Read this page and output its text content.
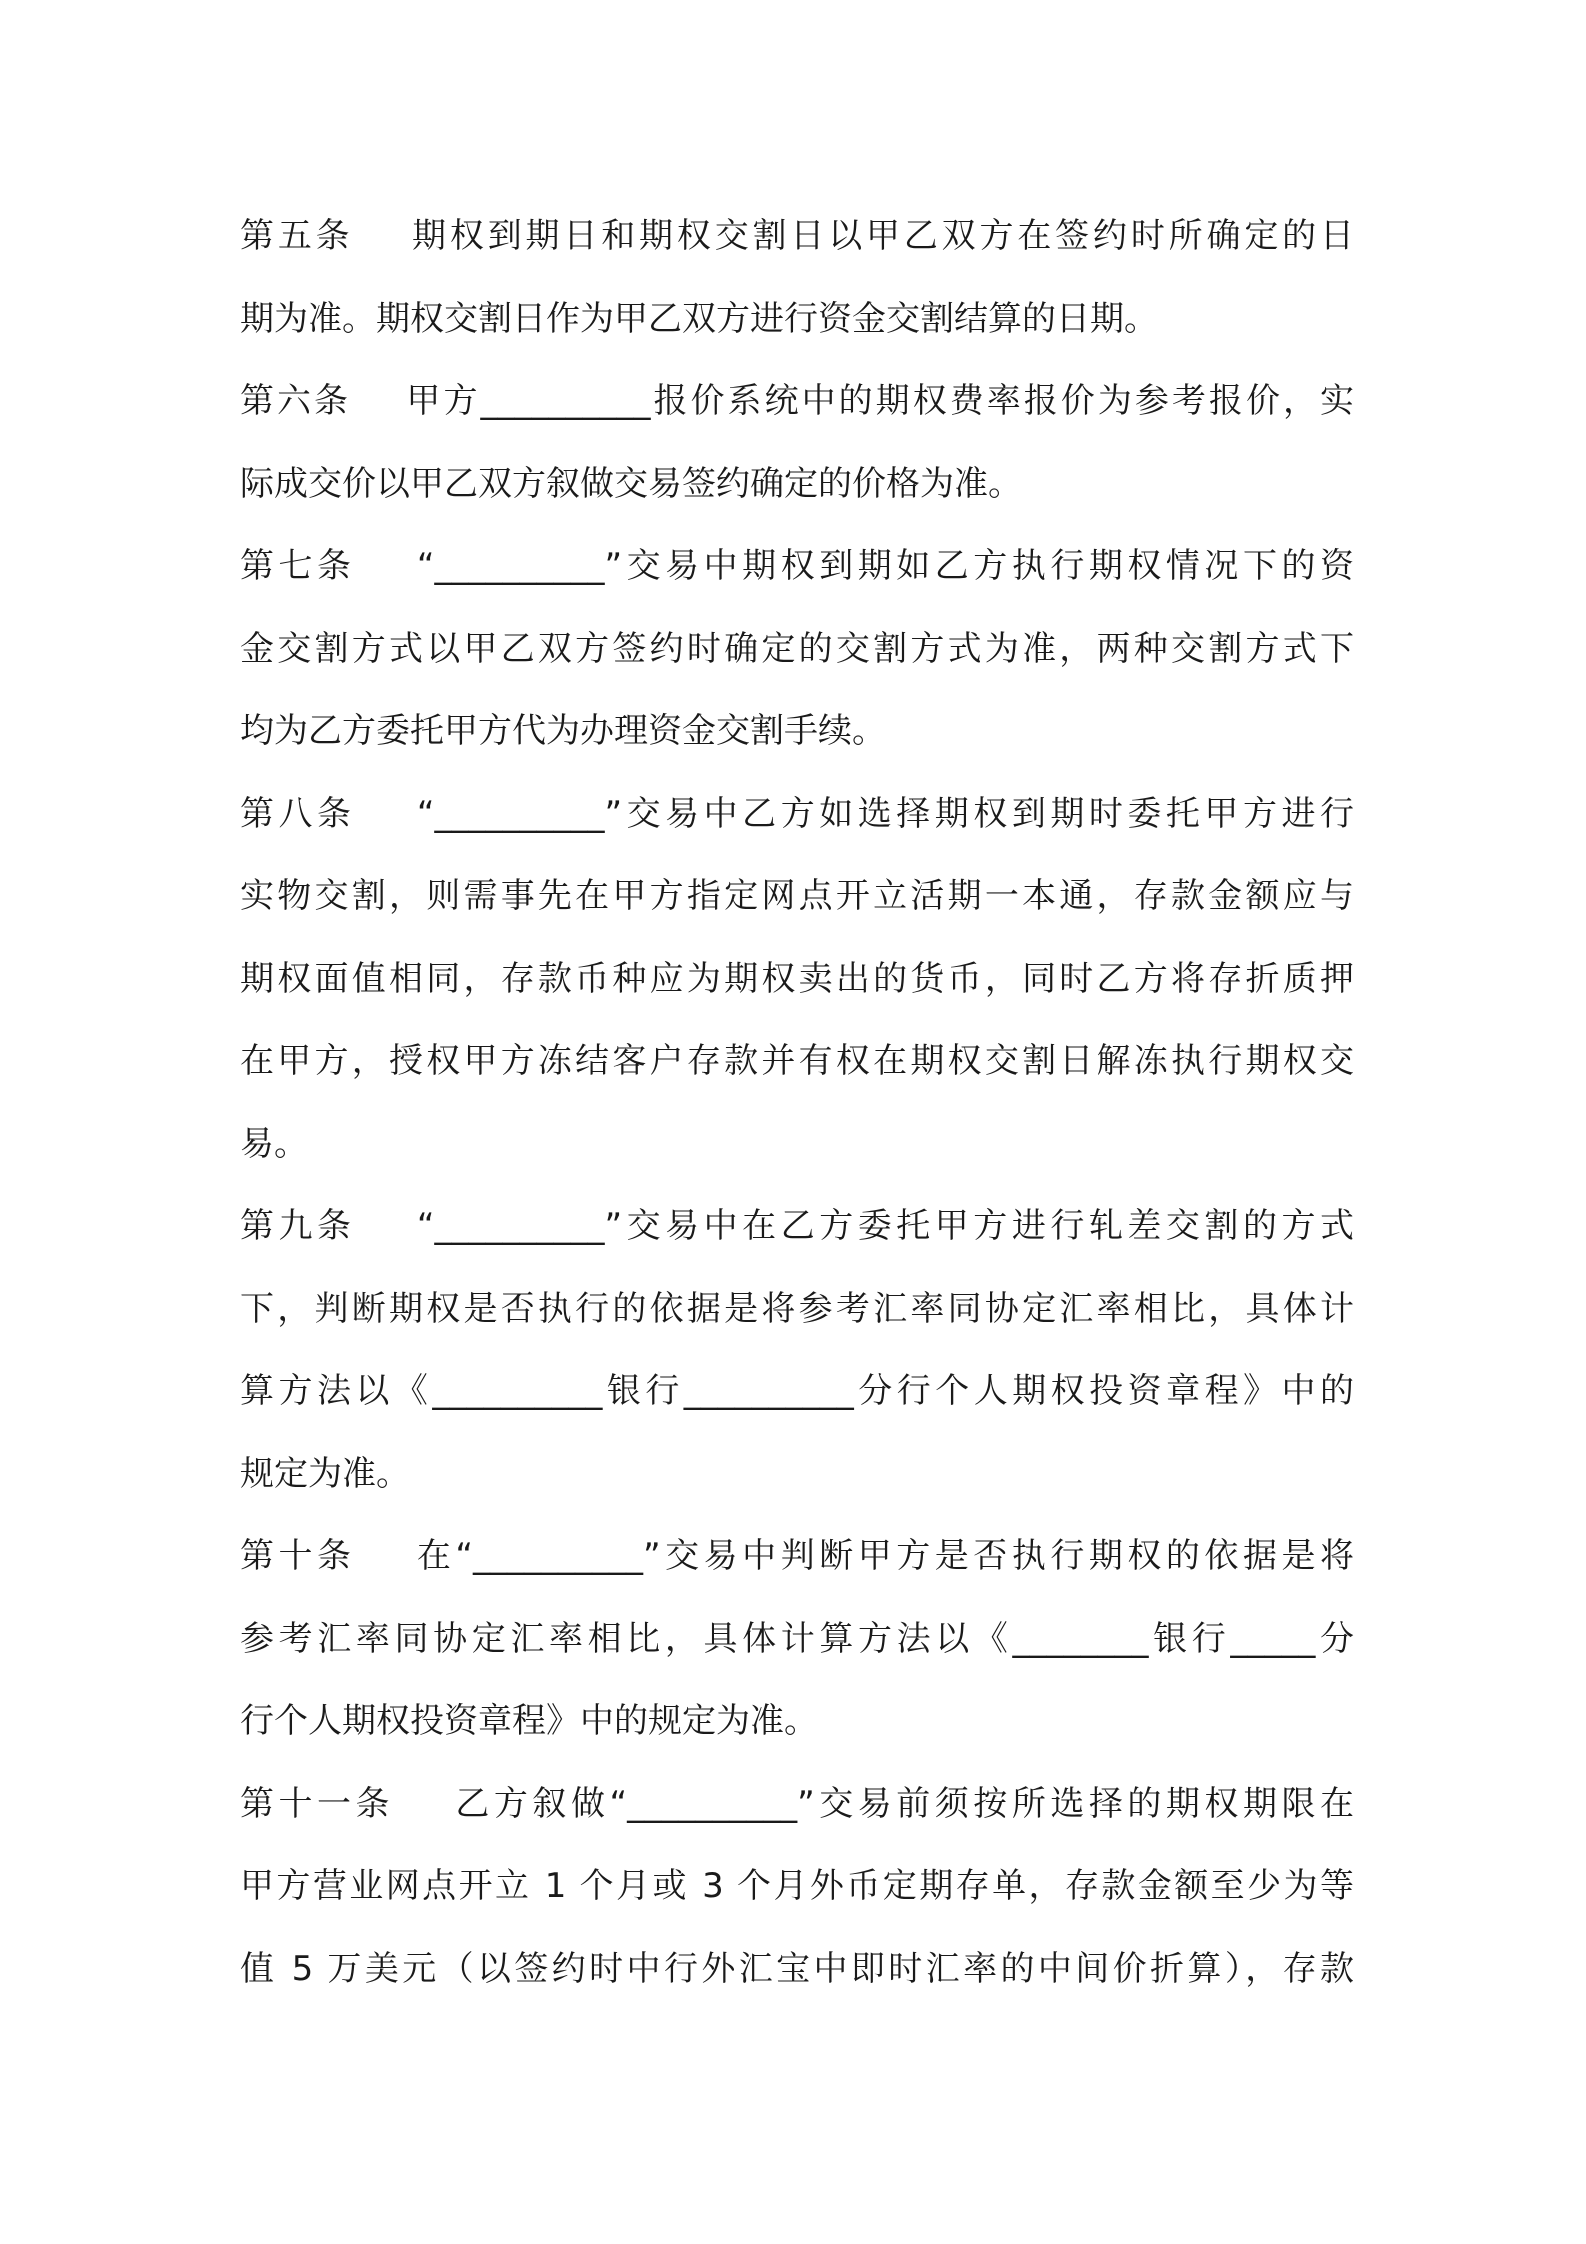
第五条    期权到期日和期权交割日以甲乙双方在签约时所确定的日
期为准。期权交割日作为甲乙双方进行资金交割结算的日期。
第六条    甲方__________报价系统中的期权费率报价为参考报价，实
际成交价以甲乙双方叙做交易签约确定的价格为准。
第七条    “__________”交易中期权到期如乙方执行期权情况下的资
金交割方式以甲乙双方签约时确定的交割方式为准，两种交割方式下
均为乙方委托甲方代为办理资金交割手续。
第八条    “__________”交易中乙方如选择期权到期时委托甲方进行
实物交割，则需事先在甲方指定网点开立活期一本通，存款金额应与
期权面值相同，存款币种应为期权卖出的货币，同时乙方将存折质押
在甲方，授权甲方冻结客户存款并有权在期权交割日解冻执行期权交
易。
第九条    “__________”交易中在乙方委托甲方进行轧差交割的方式
下，判断期权是否执行的依据是将参考汇率同协定汇率相比，具体计
算方法以《__________银行__________分行个人期权投资章程》中的
规定为准。
第十条    在“__________”交易中判断甲方是否执行期权的依据是将
参考汇率同协定汇率相比，具体计算方法以《________银行_____分
行个人期权投资章程》中的规定为准。
第十一条    乙方叙做“__________”交易前须按所选择的期权期限在
甲方营业网点开立 1 个月或 3 个月外币定期存单，存款金额至少为等
值 5 万美元（以签约时中行外汇宝中即时汇率的中间价折算），存款
